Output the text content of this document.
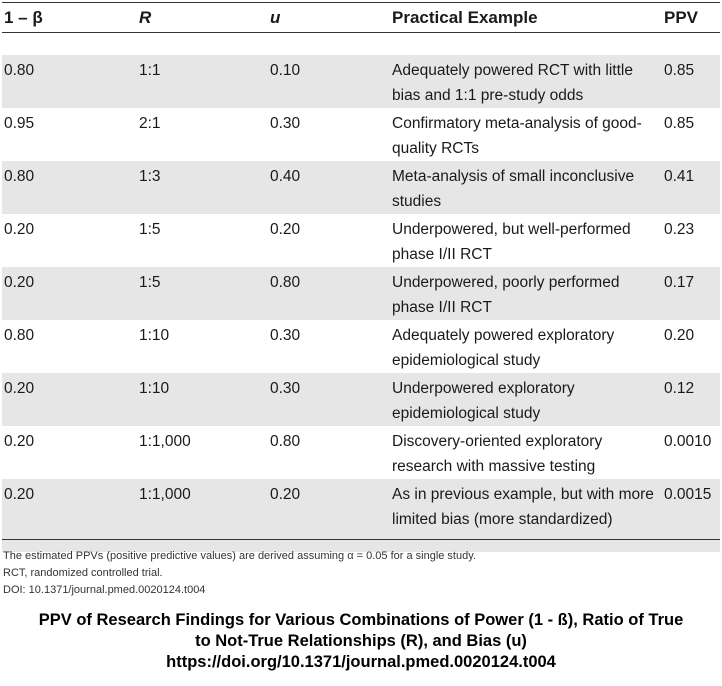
1 – β	R	u	Practical Example	PPV

0.80	1:1	0.10	Adequately powered RCT with little bias and 1:1 pre-study odds	0.85
0.95	2:1	0.30	Confirmatory meta-analysis of good-quality RCTs	0.85
0.80	1:3	0.40	Meta-analysis of small inconclusive studies	0.41
0.20	1:5	0.20	Underpowered, but well-performed phase I/II RCT	0.23
0.20	1:5	0.80	Underpowered, poorly performed phase I/II RCT	0.17
0.80	1:10	0.30	Adequately powered exploratory epidemiological study	0.20
0.20	1:10	0.30	Underpowered exploratory epidemiological study	0.12
0.20	1:1,000	0.80	Discovery-oriented exploratory research with massive testing	0.0010
0.20	1:1,000	0.20	As in previous example, but with more limited bias (more standardized)	0.0015
The estimated PPVs (positive predictive values) are derived assuming α = 0.05 for a single study.
RCT, randomized controlled trial.
DOI: 10.1371/journal.pmed.0020124.t004
PPV of Research Findings for Various Combinations of Power (1 - ß), Ratio of True
to Not-True Relationships (R), and Bias (u)
https://doi.org/10.1371/journal.pmed.0020124.t004
